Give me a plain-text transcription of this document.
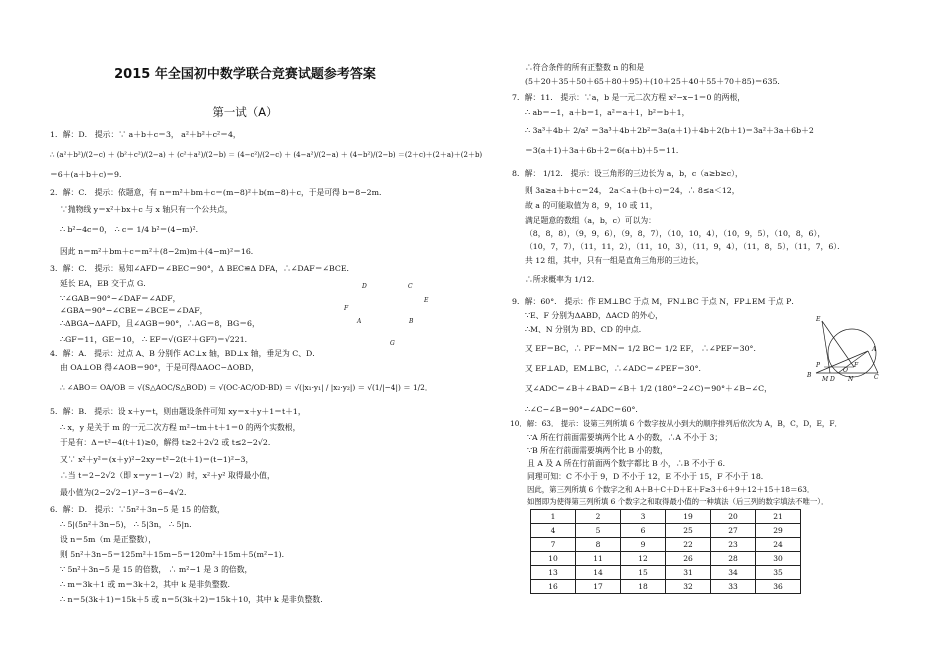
2015 年全国初中数学联合竞赛试题参考答案
第一试（A）
1．解：D． 提示：∵ a＋b＋c＝3， a²＋b²＋c²＝4，
∴ (a²＋b²)/(2−c) ＋ (b²＋c²)/(2−a) ＋ (c²＋a²)/(2−b) ＝ (4−c²)/(2−c) ＋ (4−a²)/(2−a) ＋ (4−b²)/(2−b) ＝(2＋c)＋(2＋a)＋(2＋b)
＝6＋(a＋b＋c)＝9．
2．解：C． 提示：依题意，有 n＝m²＋bm＋c＝(m−8)²＋b(m−8)＋c，于是可得 b＝8−2m．
∵抛物线 y＝x²＋bx＋c 与 x 轴只有一个公共点，
∴ b²−4c＝0， ∴ c＝ 1/4 b²＝(4−m)²．
因此 n＝m²＋bm＋c＝m²＋(8−2m)m＋(4−m)²＝16．
3．解：C． 提示：易知∠AFD＝∠BEC＝90°，Δ BEC≌Δ DFA，∴∠DAF＝∠BCE．
延长 EA，EB 交于点 G．
∵∠GAB＝90°−∠DAF＝∠ADF，
∠GBA＝90°−∠CBE＝∠BCE＝∠DAF，
∴ΔBGA∽ΔAFD，且∠AGB＝90°，∴AG＝8，BG＝6，
∴GF＝11，GE＝10， ∴ EF＝√(GE²＋GF²)＝√221．
4．解：A． 提示：过点 A、B 分别作 AC⊥x 轴，BD⊥x 轴，垂足为 C、D．
由 OA⊥OB 得∠AOB＝90°，于是可得ΔAOC∽ΔOBD，
∴ ∠ABO＝ OA/OB ＝ √(S△AOC/S△BOD) ＝ √(OC·AC/OD·BD) ＝ √(|x₁·y₁| / |x₂·y₂|) ＝ √(1/|−4|) ＝ 1/2．
5．解：B． 提示：设 x＋y＝t，则由题设条件可知 xy＝x＋y＋1＝t＋1，
∴ x，y 是关于 m 的一元二次方程 m²−tm＋t＋1＝0 的两个实数根，
于是有：Δ＝t²−4(t＋1)≥0，解得 t≥2＋2√2 或 t≤2−2√2．
又∵ x²＋y²＝(x＋y)²−2xy＝t²−2(t＋1)＝(t−1)²−3，
∴当 t＝2−2√2（即 x＝y＝1−√2）时，x²＋y² 取得最小值，
最小值为(2−2√2−1)²−3＝6−4√2．
6．解：D． 提示：∵5n²＋3n−5 是 15 的倍数，
∴ 5|(5n²＋3n−5)， ∴ 5|3n， ∴ 5|n．
设 n＝5m（m 是正整数），
则 5n²＋3n−5＝125m²＋15m−5＝120m²＋15m＋5(m²−1)．
∵ 5n²＋3n−5 是 15 的倍数， ∴ m²−1 是 3 的倍数，
∴ m＝3k＋1 或 m＝3k＋2，其中 k 是非负整数.
∴ n＝5(3k＋1)＝15k＋5 或 n＝5(3k＋2)＝15k＋10，其中 k 是非负整数.
D	C
E
F
A	B
G
∴符合条件的所有正整数 n 的和是
(5＋20＋35＋50＋65＋80＋95)＋(10＋25＋40＋55＋70＋85)＝635．
7．解：11． 提示：∵a，b 是一元二次方程 x²−x−1＝0 的两根，
∴ ab＝−1，a＋b＝1，a²＝a＋1，b²＝b＋1，
∴ 3a³＋4b＋ 2/a² ＝3a³＋4b＋2b²＝3a(a＋1)＋4b＋2(b＋1)＝3a²＋3a＋6b＋2
＝3(a＋1)＋3a＋6b＋2＝6(a＋b)＋5＝11．
8．解： 1/12． 提示：设三角形的三边长为 a，b，c（a≥b≥c），
则 3a≥a＋b＋c＝24， 2a＜a＋(b＋c)＝24，∴ 8≤a＜12，
故 a 的可能取值为 8，9，10 或 11，
满足题意的数组（a，b，c）可以为：
（8，8，8），（9，9，6），（9，8，7），（10，10，4），（10，9，5），（10，8，6），
（10，7，7），（11，11，2），（11，10，3），（11，9，4），（11，8，5），（11，7，6）．
共 12 组，其中，只有一组是直角三角形的三边长，
∴所求概率为 1/12．
9．解：60°． 提示：作 EM⊥BC 于点 M，FN⊥BC 于点 N，FP⊥EM 于点 P．
∵E、F 分别为ΔABD，ΔACD 的外心，
∴M、N 分别为 BD、CD 的中点．
又 EF＝BC，∴ PF＝MN＝ 1/2 BC＝ 1/2 EF， ∴∠PEF＝30°．
又 EF⊥AD，EM⊥BC，∴∠ADC＝∠PEF＝30°．
又∠ADC＝∠B＋∠BAD＝∠B＋ 1/2 (180°−2∠C)＝90°＋∠B−∠C，
∴∠C−∠B＝90°−∠ADC＝60°．
10．解：63． 提示：设第三列所填 6 个数字按从小到大的顺序排列后依次为 A，B，C，D，E，F．
∵A 所在行前面需要填两个比 A 小的数，∴A 不小于 3；
∵B 所在行前面需要填两个比 B 小的数，
且 A 及 A 所在行前面两个数字都比 B 小，∴B 不小于 6．
同理可知：C 不小于 9，D 不小于 12，E 不小于 15，F 不小于 18．
因此，第三列所填 6 个数字之和 A＋B＋C＋D＋E＋F≥3＋6＋9＋12＋15＋18＝63．
如图即为使得第三列所填 6 个数字之和取得最小值的一种填法（后三列的数字填法不唯一）．
E
A
F
P
B
M D N	C
O
1	2	3	19	20	21
4	5	6	25	27	29
7	8	9	22	23	24
10	11	12	26	28	30
13	14	15	31	34	35
16	17	18	32	33	36
